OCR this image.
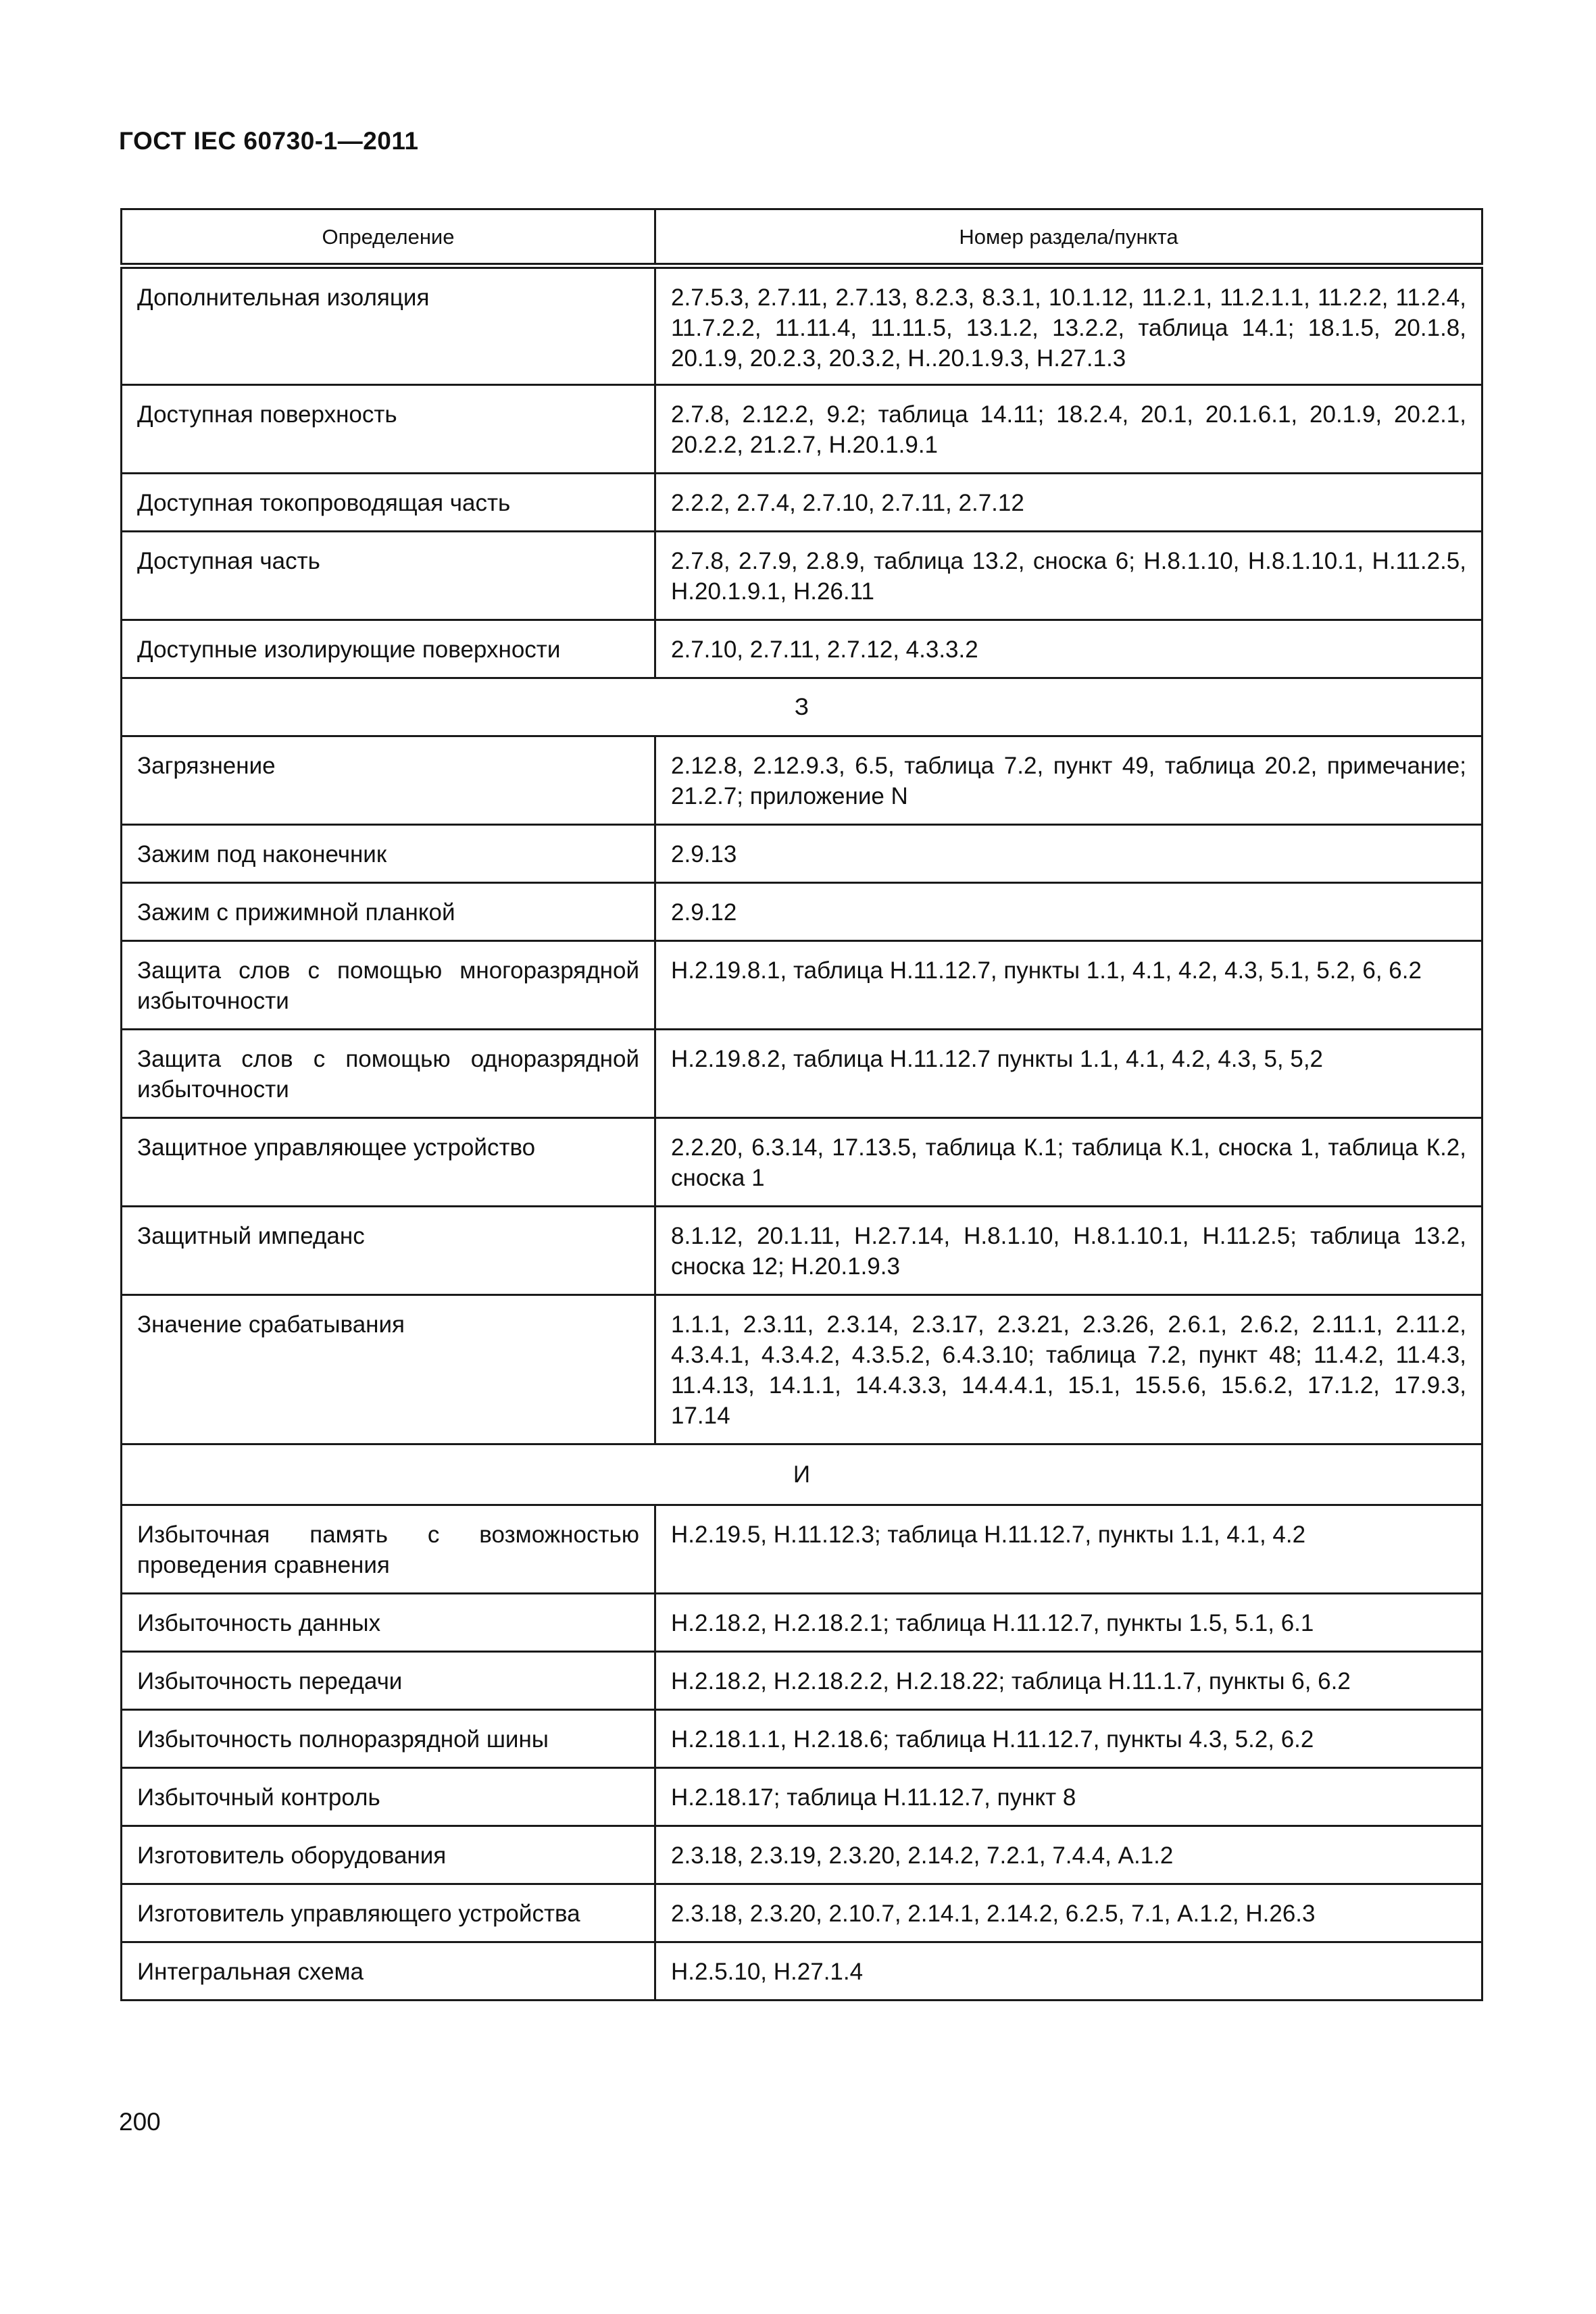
ГОСТ IEC 60730-1—2011
Определение	Номер раздела/пункта

Дополнительная изоляция	2.7.5.3, 2.7.11, 2.7.13, 8.2.3, 8.3.1, 10.1.12, 11.2.1, 11.2.1.1, 11.2.2, 11.2.4, 11.7.2.2, 11.11.4, 11.11.5, 13.1.2, 13.2.2, таблица 14.1; 18.1.5, 20.1.8, 20.1.9, 20.2.3, 20.3.2, Н..20.1.9.3, Н.27.1.3

Доступная поверхность	2.7.8, 2.12.2, 9.2; таблица 14.11; 18.2.4, 20.1, 20.1.6.1, 20.1.9, 20.2.1, 20.2.2, 21.2.7, Н.20.1.9.1

Доступная токопроводящая часть	2.2.2, 2.7.4, 2.7.10, 2.7.11, 2.7.12

Доступная часть	2.7.8, 2.7.9, 2.8.9, таблица 13.2, сноска 6; Н.8.1.10, Н.8.1.10.1, Н.11.2.5, Н.20.1.9.1, Н.26.11

Доступные изолирующие поверхности	2.7.10, 2.7.11, 2.7.12, 4.3.3.2

З	

Загрязнение	2.12.8, 2.12.9.3, 6.5, таблица 7.2, пункт 49, таблица 20.2, примечание; 21.2.7; приложение N

Зажим под наконечник	2.9.13

Зажим с прижимной планкой	2.9.12

Защита слов с помощью многоразрядной избыточности	Н.2.19.8.1, таблица Н.11.12.7, пункты 1.1, 4.1, 4.2, 4.3, 5.1, 5.2, 6, 6.2

Защита слов с помощью одноразрядной избыточности	Н.2.19.8.2, таблица Н.11.12.7 пункты 1.1, 4.1, 4.2, 4.3, 5, 5,2

Защитное управляющее устройство	2.2.20, 6.3.14, 17.13.5, таблица К.1; таблица К.1, сноска 1, таблица К.2, сноска 1

Защитный импеданс	8.1.12, 20.1.11, Н.2.7.14, Н.8.1.10, Н.8.1.10.1, Н.11.2.5; таблица 13.2, сноска 12; Н.20.1.9.3

Значение срабатывания	1.1.1, 2.3.11, 2.3.14, 2.3.17, 2.3.21, 2.3.26, 2.6.1, 2.6.2, 2.11.1, 2.11.2, 4.3.4.1, 4.3.4.2, 4.3.5.2, 6.4.3.10; таблица 7.2, пункт 48; 11.4.2, 11.4.3, 11.4.13, 14.1.1, 14.4.3.3, 14.4.4.1, 15.1, 15.5.6, 15.6.2, 17.1.2, 17.9.3, 17.14

И	

Избыточная память с возможностью проведения сравнения	Н.2.19.5, Н.11.12.3; таблица Н.11.12.7, пункты 1.1, 4.1, 4.2

Избыточность данных	Н.2.18.2, Н.2.18.2.1; таблица Н.11.12.7, пункты 1.5, 5.1, 6.1

Избыточность передачи	Н.2.18.2, Н.2.18.2.2, Н.2.18.22; таблица Н.11.1.7, пункты 6, 6.2

Избыточность полноразрядной шины	Н.2.18.1.1, Н.2.18.6; таблица Н.11.12.7, пункты 4.3, 5.2, 6.2

Избыточный контроль	Н.2.18.17; таблица Н.11.12.7, пункт 8

Изготовитель оборудования	2.3.18, 2.3.19, 2.3.20, 2.14.2, 7.2.1, 7.4.4, А.1.2

Изготовитель управляющего устройства	2.3.18, 2.3.20, 2.10.7, 2.14.1, 2.14.2, 6.2.5, 7.1, А.1.2, Н.26.3

Интегральная схема	Н.2.5.10, Н.27.1.4
200
